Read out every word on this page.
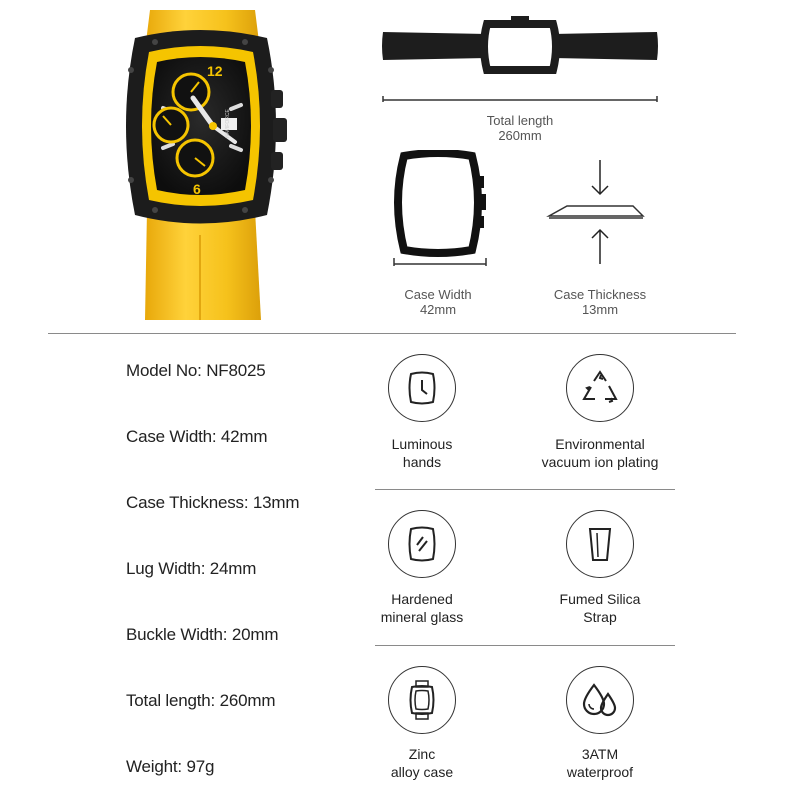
12
6
NAVIFORCE	Total length
260mm
Case Width
42mm
Case Thickness
13mm
Model No: NF8025
Case Width: 42mm
Case Thickness: 13mm
Lug Width: 24mm
Buckle Width: 20mm
Total length: 260mm
Weight: 97g
Luminous
hands
Environmental
vacuum ion plating
Hardened
mineral glass
Fumed Silica
Strap
Zinc
alloy case
3ATM
waterproof
